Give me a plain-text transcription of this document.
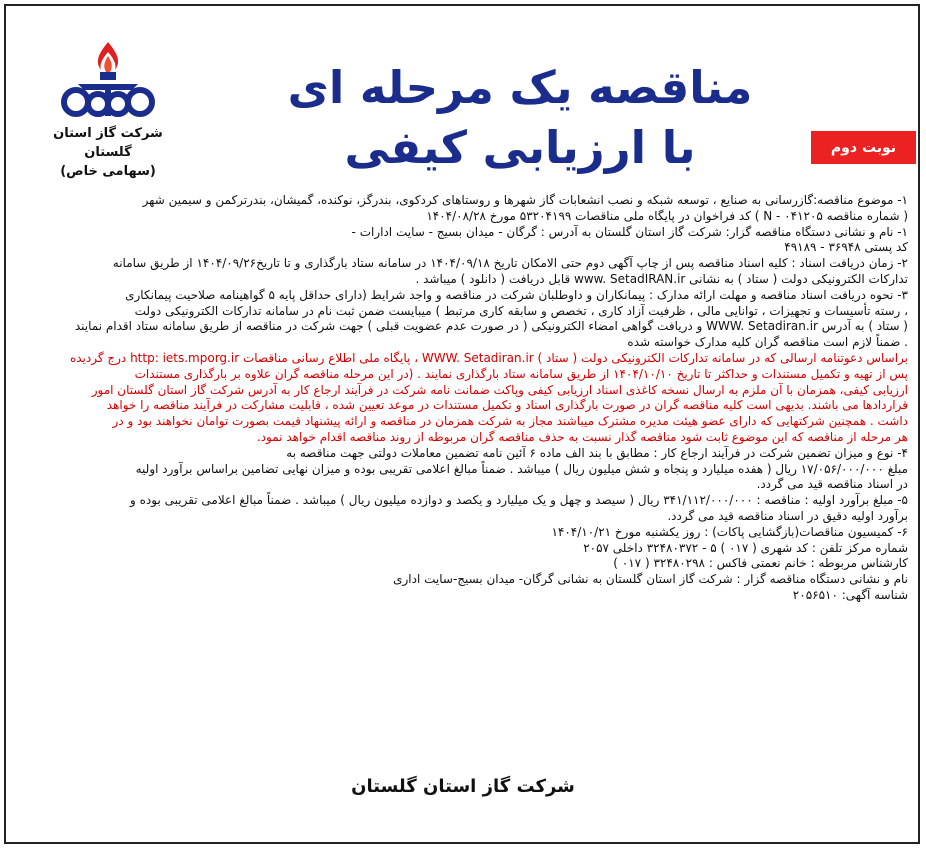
شرکت گاز استان گلستان
(سهامی خاص)
مناقصه یک مرحله ای
با ارزیابی کیفی	نوبت دوم

۱- موضوع مناقصه:گازرسانی به صنایع ، توسعه شبکه و نصب انشعابات گاز شهرها و روستاهای کردکوی، بندرگز، نوکنده، گمیشان، بندرترکمن و سیمین شهر

( شماره مناقصه N - ۰۴۱۲۰۵ ) کد فراخوان در پایگاه ملی مناقصات ۵۳۲۰۴۱۹۹ مورخ ۱۴۰۴/۰۸/۲۸

۱- نام و نشانی دستگاه مناقصه گزار: شرکت گاز استان گلستان به آدرس : گرگان - میدان بسیج - سایت ادارات -

کد پستی ۳۶۹۴۸ - ۴۹۱۸۹

۲- زمان دریافت اسناد : کلیه اسناد مناقصه پس از چاپ آگهی دوم حتی الامکان تاریخ ۱۴۰۴/۰۹/۱۸ در سامانه ستاد بارگذاری و تا تاریخ۱۴۰۴/۰۹/۲۶ از طریق سامانه

تدارکات الکترونیکی دولت ( ستاد ) به نشانی www. SetadIRAN.ir قابل دریافت ( دانلود ) میباشد .

۳- نحوه دریافت اسناد مناقصه و مهلت ارائه مدارک : پیمانکاران و داوطلبان شرکت در مناقصه و واجد شرایط (دارای حداقل پایه ۵ گواهینامه صلاحیت پیمانکاری

، رسته تأسیسات و تجهیزات ، توانایی مالی ، ظرفیت آزاد کاری ، تخصص و سابقه کاری مرتبط ) میبایست ضمن ثبت نام در سامانه تدارکات الکترونیکی دولت

( ستاد ) به آدرس WWW. Setadiran.ir و دریافت گواهی امضاء الکترونیکی ( در صورت عدم عضویت قبلی ) جهت شرکت در مناقصه از طریق سامانه ستاد اقدام نمایند

. ضمناً لازم است مناقصه گران کلیه مدارک خواسته شده

براساس دعوتنامه ارسالی که در سامانه تدارکات الکترونیکی دولت ( ستاد ) WWW. Setadiran.ir ، پایگاه ملی اطلاع رسانی مناقصات http: iets.mporg.ir درج گردیده

پس از تهیه و تکمیل مستندات و حداکثر تا تاریخ ۱۴۰۴/۱۰/۱۰ از طریق سامانه ستاد بارگذاری نمایند . (در این مرحله مناقصه گران علاوه بر بارگذاری مستندات

ارزیابی کیفی، همزمان با آن ملزم به ارسال نسخه کاغذی اسناد ارزیابی کیفی وپاکت ضمانت نامه شرکت در فرآیند ارجاع کار به آدرس شرکت گاز استان گلستان امور

قراردادها می باشند. بدیهی است کلیه مناقصه گران در صورت بارگذاری اسناد و تکمیل مستندات در موعد تعیین شده ، قابلیت مشارکت در فرآیند مناقصه را خواهد

داشت . همچنین شرکتهایی که دارای عضو هیئت مدیره مشترک میباشند مجاز به شرکت همزمان در مناقصه و ارائه پیشنهاد قیمت بصورت توامان نخواهند بود و در

هر مرحله از مناقصه که این موضوع ثابت شود مناقصه گذار نسبت به حذف مناقصه گران مربوطه از روند مناقصه اقدام خواهد نمود.

۴- نوع و میزان تضمین شرکت در فرآیند ارجاع کار : مطابق با بند الف ماده ۶ آئین نامه تضمین معاملات دولتی جهت مناقصه به

مبلغ ۱۷/۰۵۶/۰۰۰/۰۰۰ ریال ( هفده میلیارد و پنجاه و شش میلیون ریال ) میباشد . ضمناً مبالغ اعلامی تقریبی بوده و میزان نهایی تضامین براساس برآورد اولیه

در اسناد مناقصه قید می گردد.

۵- مبلغ برآورد اولیه : مناقصه : ۳۴۱/۱۱۲/۰۰۰/۰۰۰ ریال ( سیصد و چهل و یک میلیارد و یکصد و دوازده میلیون ریال ) میباشد . ضمناً مبالغ اعلامی تقریبی بوده و

برآورد اولیه دقیق در اسناد مناقصه قید می گردد.

۶- کمیسیون مناقصات(بازگشایی پاکات) : روز یکشنبه مورخ ۱۴۰۴/۱۰/۲۱

شماره مرکز تلفن : کد شهری ( ۰۱۷ ) ۵ - ۳۲۴۸۰۳۷۲ داخلی ۲۰۵۷

کارشناس مربوطه : خانم نعمتی فاکس : ۳۲۴۸۰۲۹۸ ( ۰۱۷ )

نام و نشانی دستگاه مناقصه گزار : شرکت گاز استان گلستان به نشانی گرگان- میدان بسیج-سایت اداری

شناسه آگهی: ۲۰۵۶۵۱۰

شرکت گاز استان گلستان
